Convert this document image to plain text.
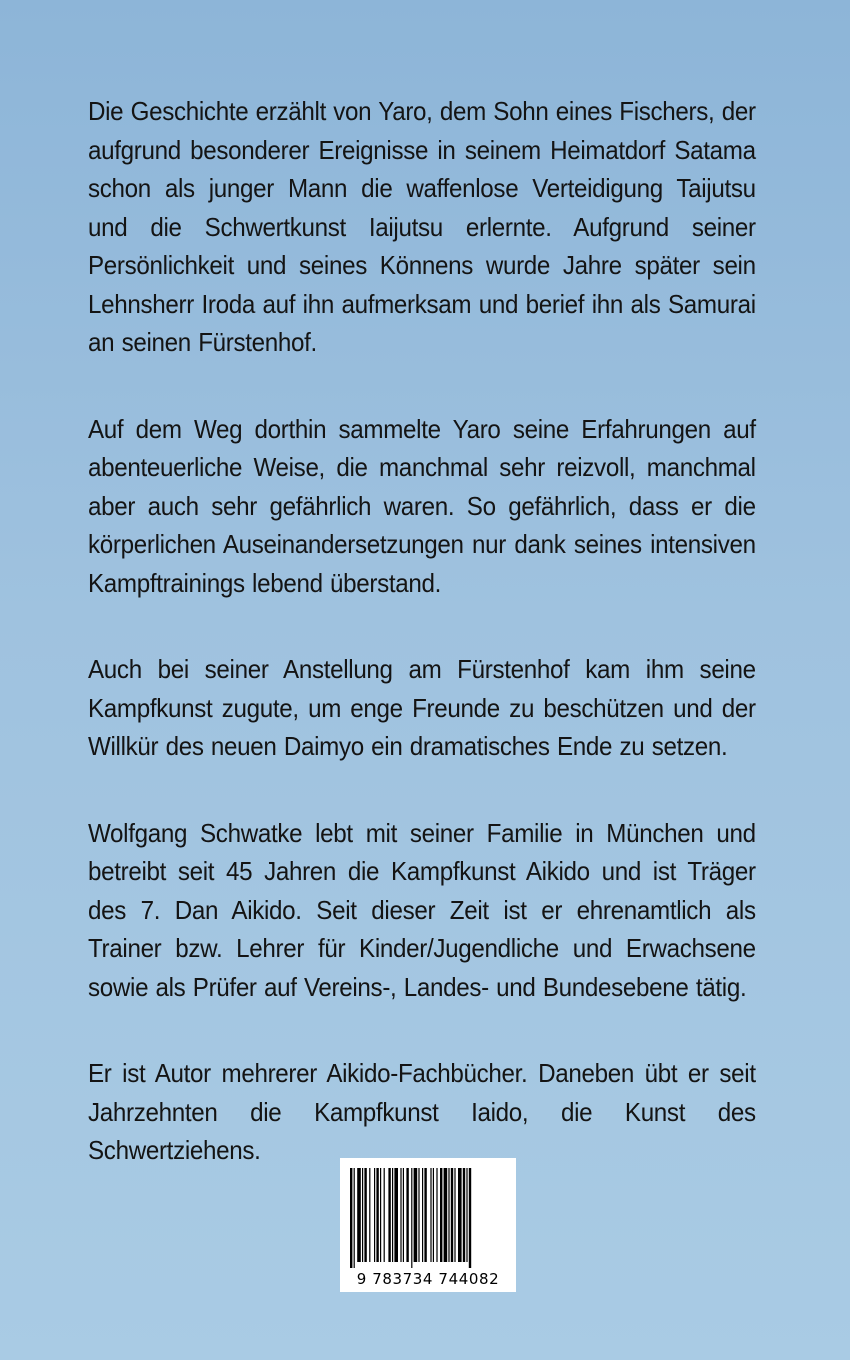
Die Geschichte erzählt von Yaro, dem Sohn eines Fischers, der aufgrund besonderer Ereignisse in seinem Heimatdorf Satama schon als junger Mann die waffenlose Verteidigung Taijutsu und die Schwertkunst Iaijutsu erlernte. Aufgrund seiner Persönlichkeit und seines Könnens wurde Jahre später sein Lehnsherr Iroda auf ihn aufmerksam und berief ihn als Samurai an seinen Fürstenhof.

Auf dem Weg dorthin sammelte Yaro seine Erfahrungen auf abenteuerliche Weise, die manchmal sehr reizvoll, manchmal aber auch sehr gefährlich waren. So gefährlich, dass er die körperlichen Auseinandersetzungen nur dank seines intensiven Kampftrainings lebend überstand.

Auch bei seiner Anstellung am Fürstenhof kam ihm seine Kampfkunst zugute, um enge Freunde zu beschützen und der Willkür des neuen Daimyo ein dramatisches Ende zu setzen.

Wolfgang Schwatke lebt mit seiner Familie in München und betreibt seit 45 Jahren die Kampfkunst Aikido und ist Träger des 7. Dan Aikido. Seit dieser Zeit ist er ehrenamtlich als Trainer bzw. Lehrer für Kinder/Jugendliche und Erwachsene sowie als Prüfer auf Vereins-, Landes- und Bundesebene tätig.

Er ist Autor mehrerer Aikido-Fachbücher. Daneben übt er seit Jahrzehnten die Kampfkunst Iaido, die Kunst des Schwertziehens.

9 783734 744082
